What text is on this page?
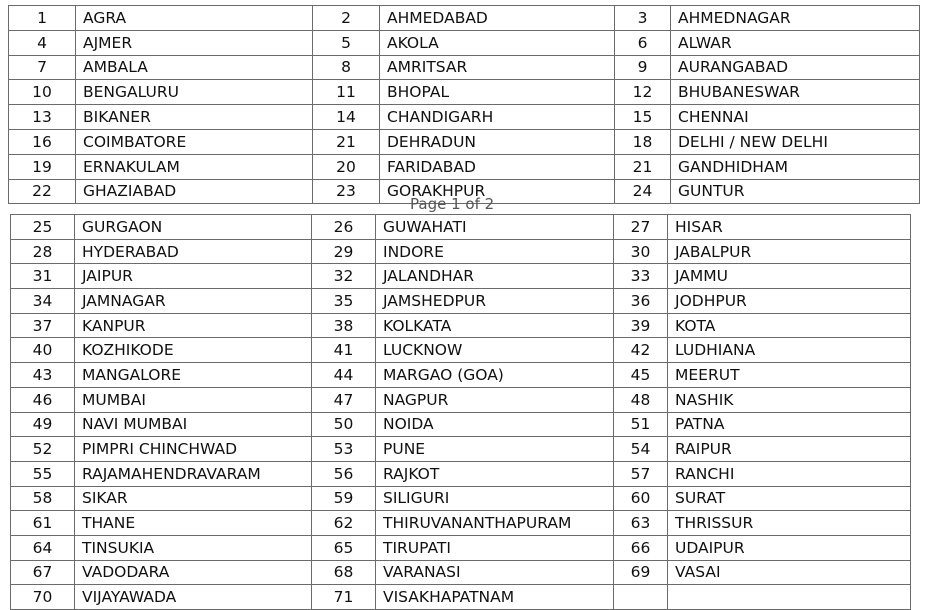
1	AGRA	2	AHMEDABAD	3	AHMEDNAGAR
4	AJMER	5	AKOLA	6	ALWAR
7	AMBALA	8	AMRITSAR	9	AURANGABAD
10	BENGALURU	11	BHOPAL	12	BHUBANESWAR
13	BIKANER	14	CHANDIGARH	15	CHENNAI
16	COIMBATORE	21	DEHRADUN	18	DELHI / NEW DELHI
19	ERNAKULAM	20	FARIDABAD	21	GANDHIDHAM
22	GHAZIABAD	23	GORAKHPUR	24	GUNTUR
Page 1 of 2
25	GURGAON	26	GUWAHATI	27	HISAR
28	HYDERABAD	29	INDORE	30	JABALPUR
31	JAIPUR	32	JALANDHAR	33	JAMMU
34	JAMNAGAR	35	JAMSHEDPUR	36	JODHPUR
37	KANPUR	38	KOLKATA	39	KOTA
40	KOZHIKODE	41	LUCKNOW	42	LUDHIANA
43	MANGALORE	44	MARGAO (GOA)	45	MEERUT
46	MUMBAI	47	NAGPUR	48	NASHIK
49	NAVI MUMBAI	50	NOIDA	51	PATNA
52	PIMPRI CHINCHWAD	53	PUNE	54	RAIPUR
55	RAJAMAHENDRAVARAM	56	RAJKOT	57	RANCHI
58	SIKAR	59	SILIGURI	60	SURAT
61	THANE	62	THIRUVANANTHAPURAM	63	THRISSUR
64	TINSUKIA	65	TIRUPATI	66	UDAIPUR
67	VADODARA	68	VARANASI	69	VASAI
70	VIJAYAWADA	71	VISAKHAPATNAM		
